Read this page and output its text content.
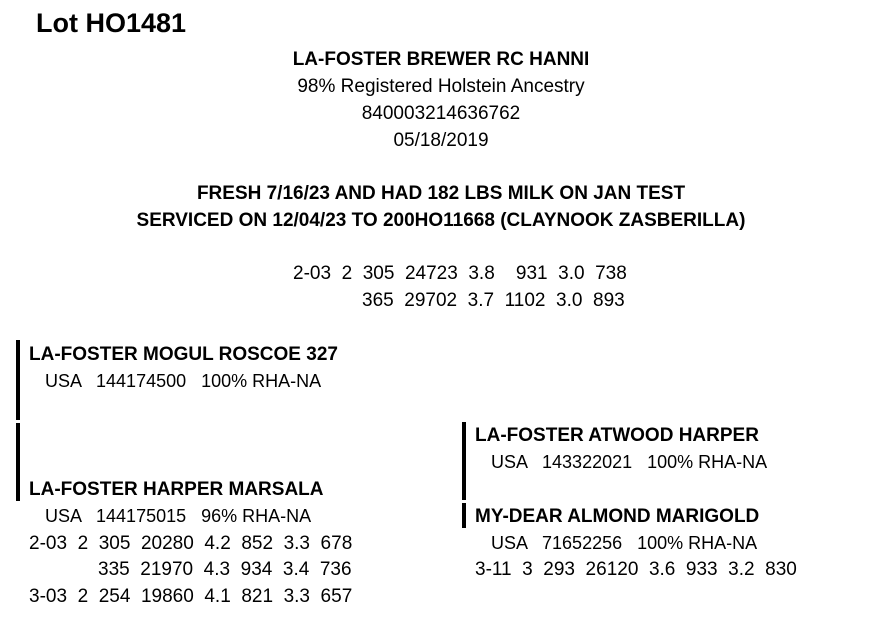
Lot HO1481
LA-FOSTER BREWER RC HANNI
98% Registered Holstein Ancestry
840003214636762
05/18/2019
FRESH 7/16/23 AND HAD 182 LBS MILK ON JAN TEST
SERVICED ON 12/04/23 TO 200HO11668 (CLAYNOOK ZASBERILLA)
2-03  2  305  24723  3.8    931  3.0  738
365  29702  3.7  1102  3.0  893
LA-FOSTER MOGUL ROSCOE 327
USA   144174500   100% RHA-NA
LA-FOSTER HARPER MARSALA
USA   144175015   96% RHA-NA
2-03  2  305  20280  4.2  852  3.3  678
335  21970  4.3  934  3.4  736
3-03  2  254  19860  4.1  821  3.3  657
LA-FOSTER ATWOOD HARPER
USA   143322021   100% RHA-NA
MY-DEAR ALMOND MARIGOLD
USA   71652256   100% RHA-NA
3-11  3  293  26120  3.6  933  3.2  830
